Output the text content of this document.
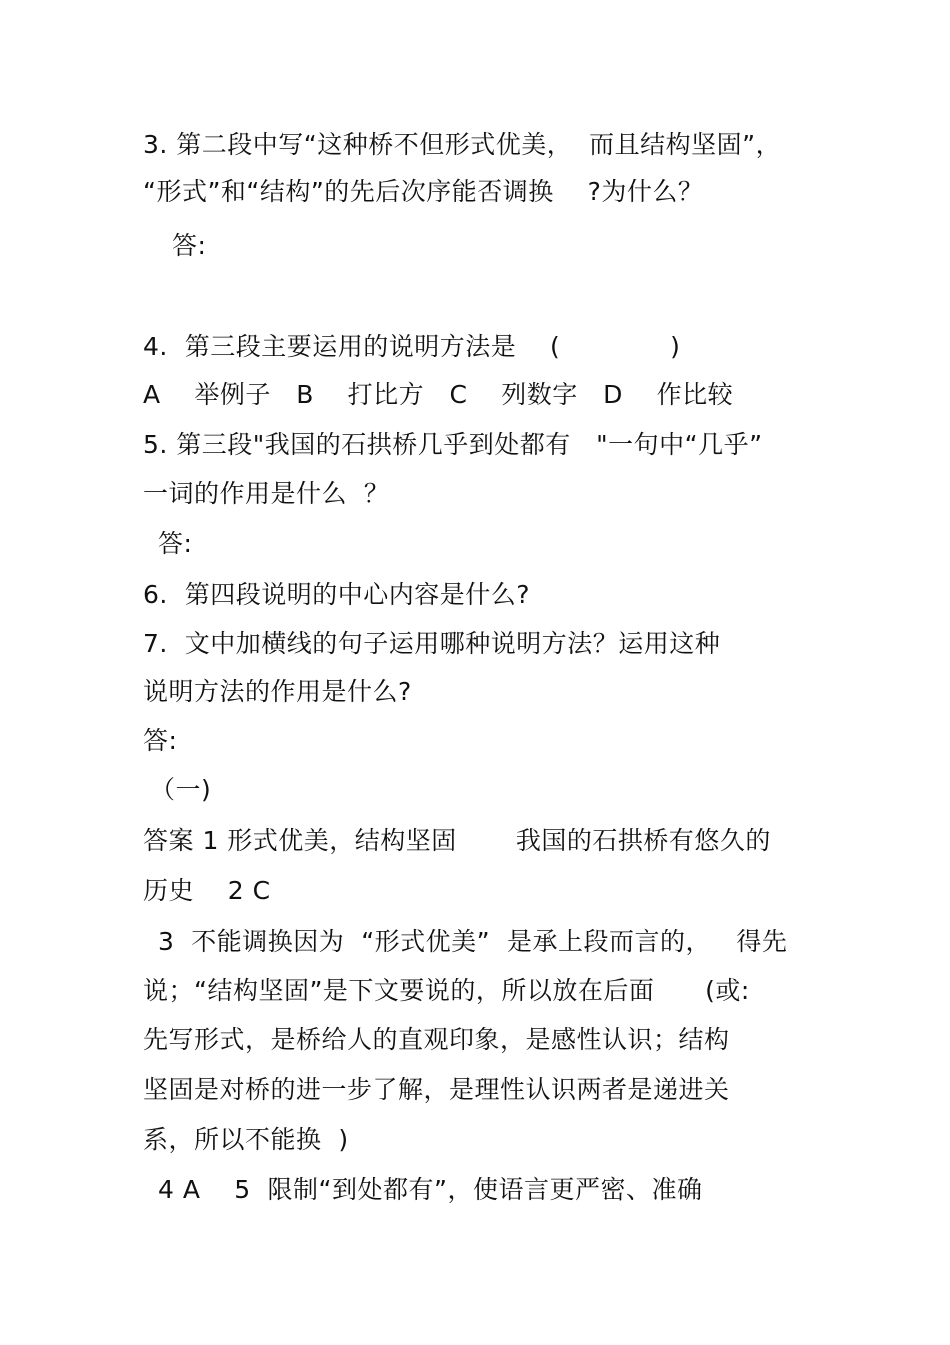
3. 第二段中写“这种桥不但形式优美，  而且结构坚固”，
“形式”和“结构”的先后次序能否调换    ?为什么？
答:
4.  第三段主要运用的说明方法是    (             )
A    举例子   B    打比方   C    列数字   D    作比较
5. 第三段"我国的石拱桥几乎到处都有   "一句中“几乎”
一词的作用是什么  ？
答:
6.  第四段说明的中心内容是什么?
7.  文中加横线的句子运用哪种说明方法？运用这种
说明方法的作用是什么?
答:
（一)
答案 1 形式优美，结构坚固       我国的石拱桥有悠久的
历史    2 C
3  不能调换因为  “形式优美”  是承上段而言的，   得先
说；“结构坚固”是下文要说的，所以放在后面      (或:
先写形式，是桥给人的直观印象，是感性认识；结构
坚固是对桥的进一步了解，是理性认识两者是递进关
系，所以不能换  )
4 A    5  限制“到处都有”，使语言更严密、准确
